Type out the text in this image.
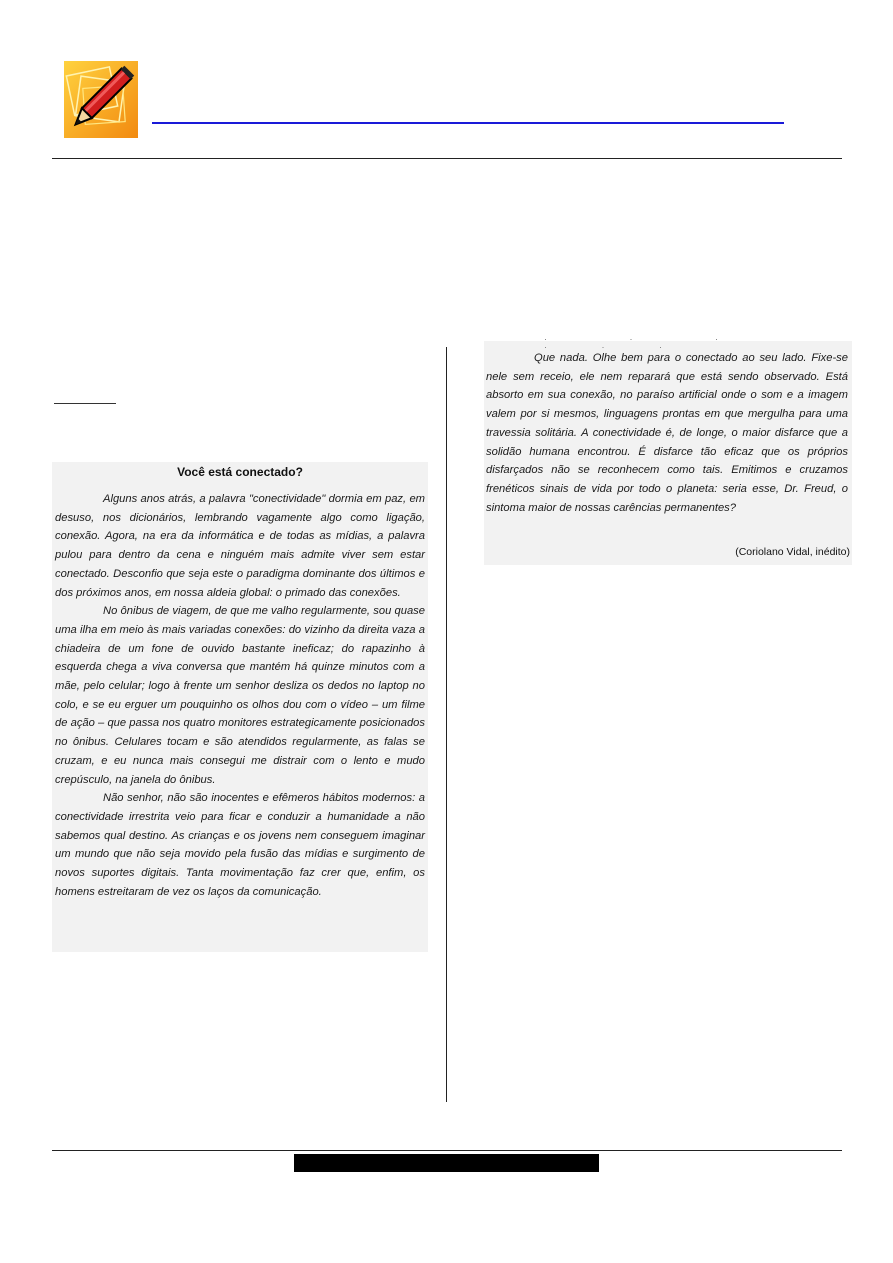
Você está conectado?

Alguns anos atrás, a palavra "conectividade" dormia em paz, em desuso, nos dicionários, lembrando vagamente algo como ligação, conexão. Agora, na era da informática e de todas as mídias, a palavra pulou para dentro da cena e ninguém mais admite viver sem estar conectado. Desconfio que seja este o paradigma dominante dos últimos e dos próximos anos, em nossa aldeia global: o primado das conexões.

No ônibus de viagem, de que me valho regularmente, sou quase uma ilha em meio às mais variadas conexões: do vizinho da direita vaza a chiadeira de um fone de ouvido bastante ineficaz; do rapazinho à esquerda chega a viva conversa que mantém há quinze minutos com a mãe, pelo celular; logo à frente um senhor desliza os dedos no laptop no colo, e se eu erguer um pouquinho os olhos dou com o vídeo – um filme de ação – que passa nos quatro monitores estrategicamente posicionados no ônibus. Celulares tocam e são atendidos regularmente, as falas se cruzam, e eu nunca mais consegui me distrair com o lento e mudo crepúsculo, na janela do ônibus.

Não senhor, não são inocentes e efêmeros hábitos modernos: a conectividade irrestrita veio para ficar e conduzir a humanidade a não sabemos qual destino. As crianças e os jovens nem conseguem imaginar um mundo que não seja movido pela fusão das mídias e surgimento de novos suportes digitais. Tanta movimentação faz crer que, enfim, os homens estreitaram de vez os laços da comunicação.

· · · · · ·

Que nada. Olhe bem para o conectado ao seu lado. Fixe-se nele sem receio, ele nem reparará que está sendo observado. Está absorto em sua conexão, no paraíso artificial onde o som e a imagem valem por si mesmos, linguagens prontas em que mergulha para uma travessia solitária. A conectividade é, de longe, o maior disfarce que a solidão humana encontrou. É disfarce tão eficaz que os próprios disfarçados não se reconhecem como tais. Emitimos e cruzamos frenéticos sinais de vida por todo o planeta: seria esse, Dr. Freud, o sintoma maior de nossas carências permanentes?

(Coriolano Vidal, inédito)
